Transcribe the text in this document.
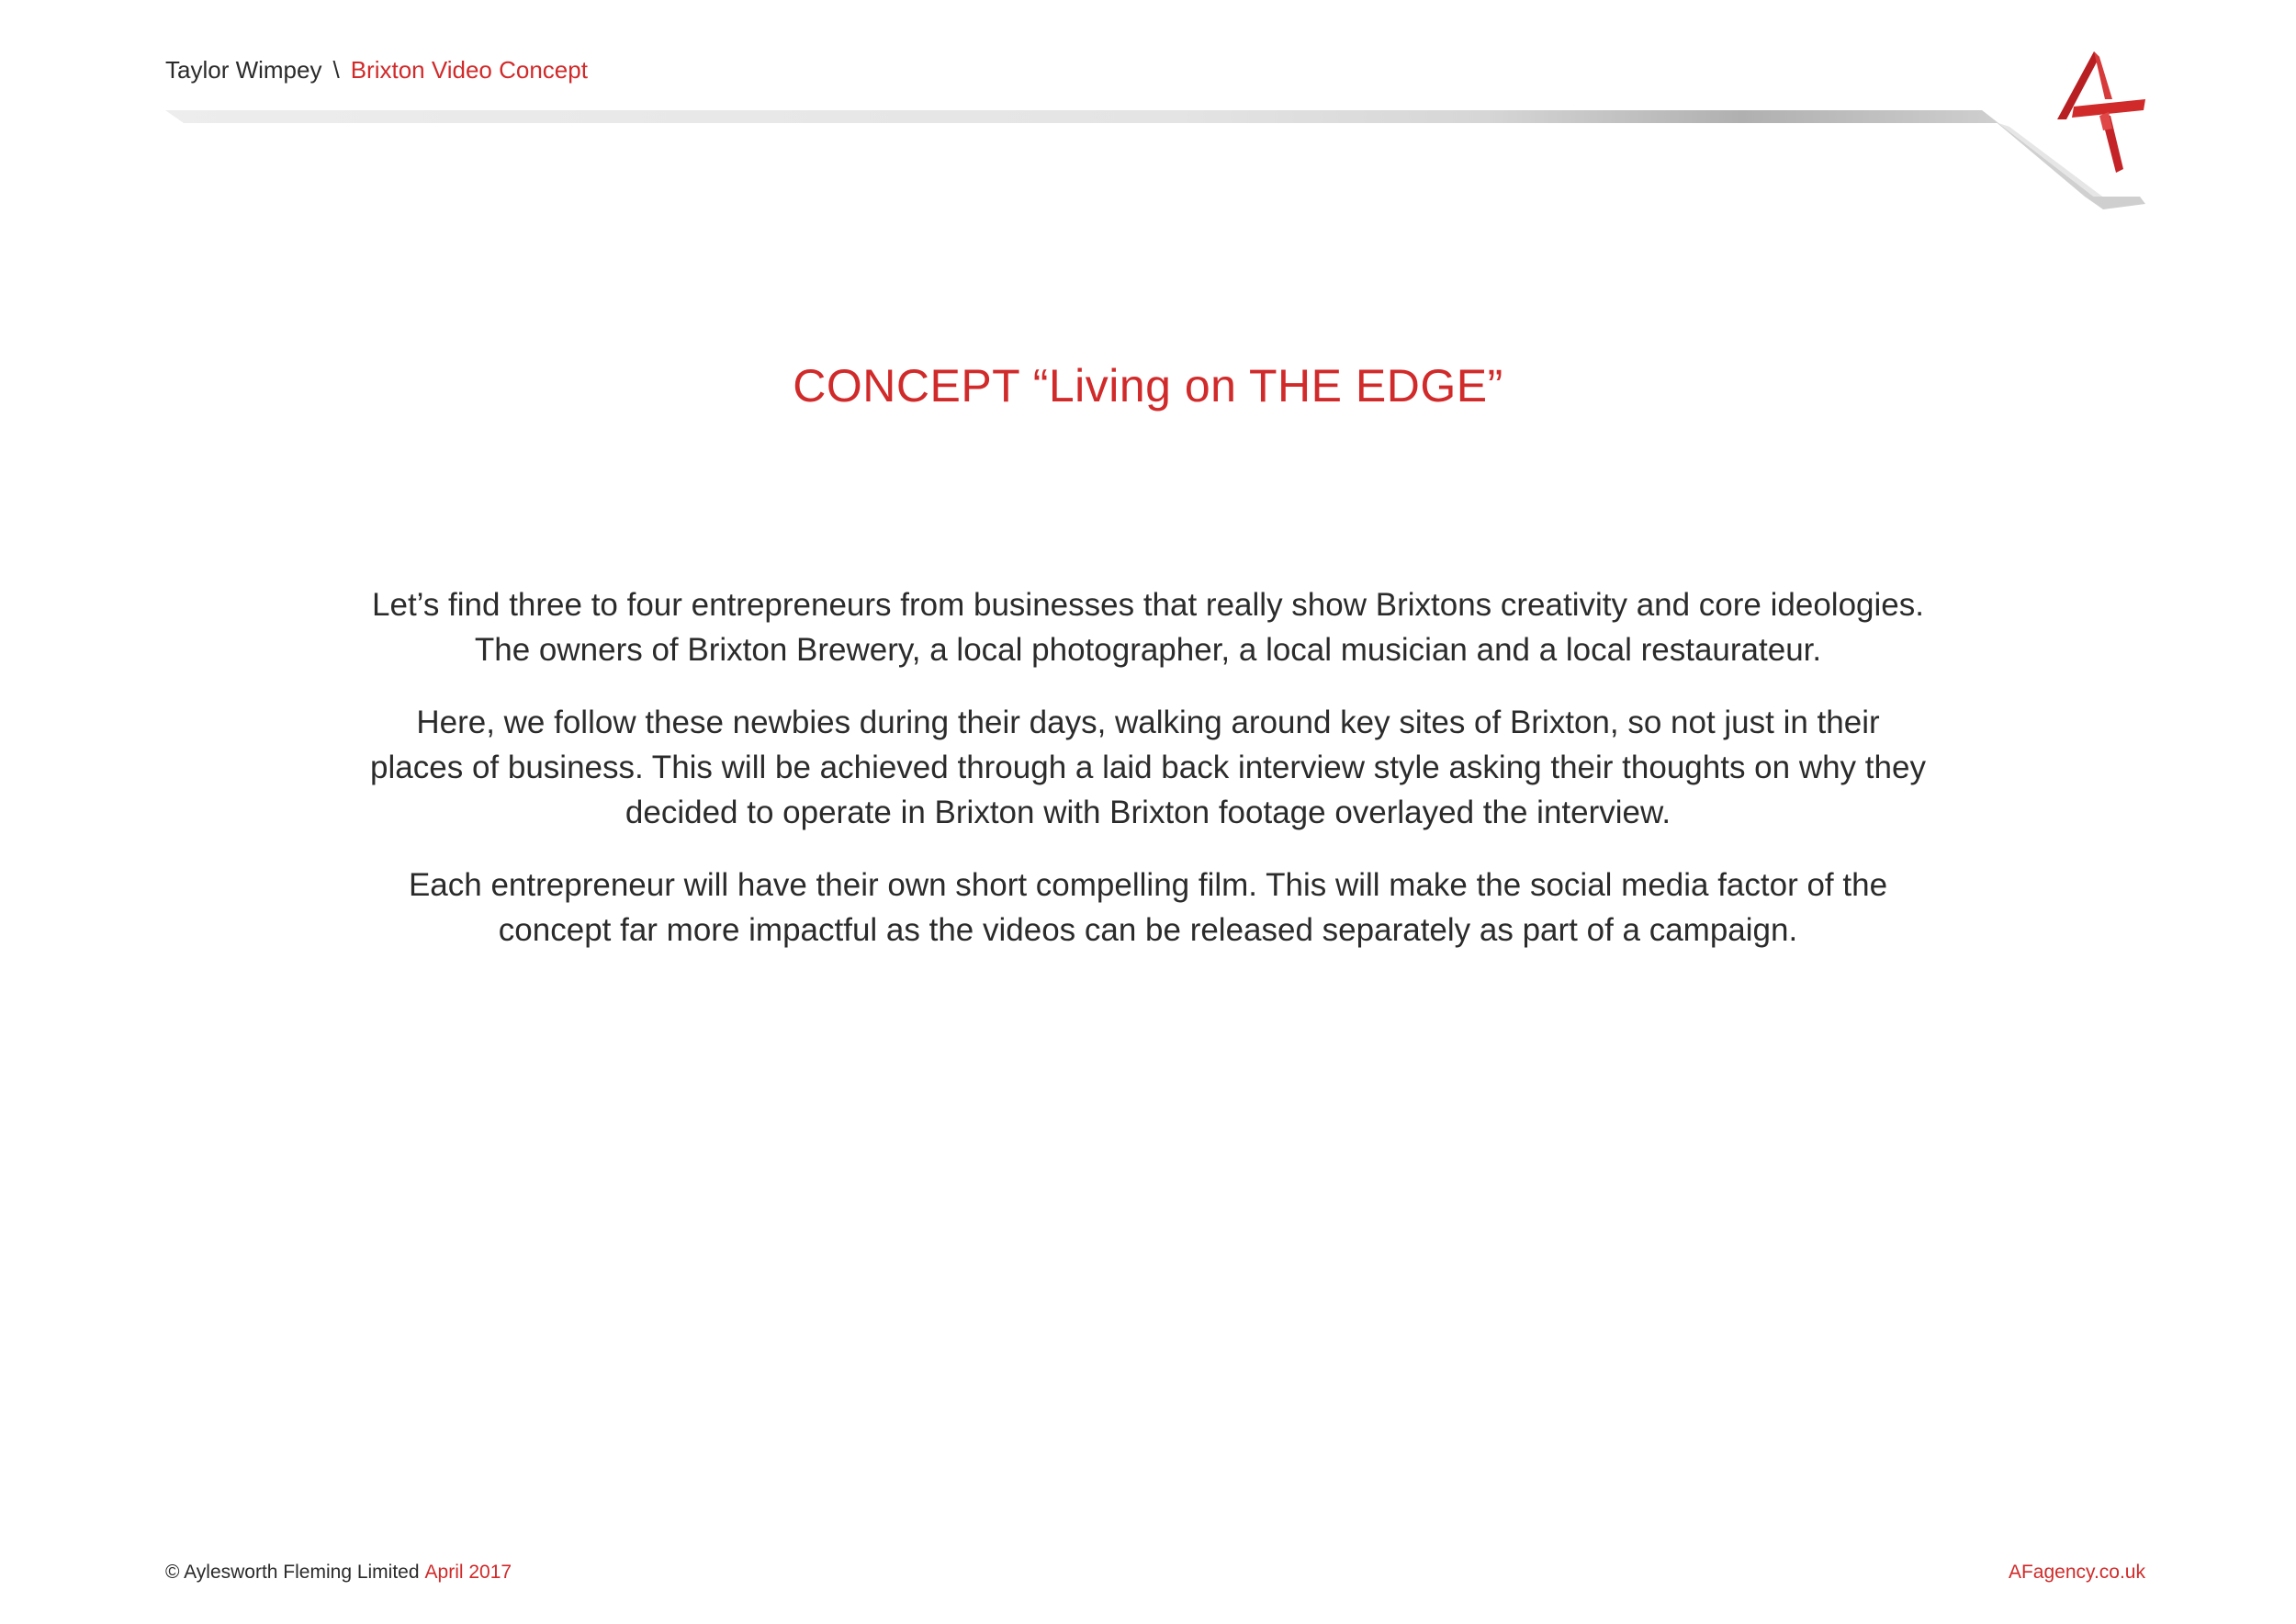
Taylor Wimpey \ Brixton Video Concept
CONCEPT “Living on THE EDGE”

Let’s find three to four entrepreneurs from businesses that really show Brixtons creativity and core ideologies. The owners of Brixton Brewery, a local photographer, a local musician and a local restaurateur.

Here, we follow these newbies during their days, walking around key sites of Brixton, so not just in their places of business. This will be achieved through a laid back interview style asking their thoughts on why they decided to operate in Brixton with Brixton footage overlayed the interview.

Each entrepreneur will have their own short compelling film. This will make the social media factor of the concept far more impactful as the videos can be released separately as part of a campaign.

© Aylesworth Fleming Limited April 2017	AFagency.co.uk
